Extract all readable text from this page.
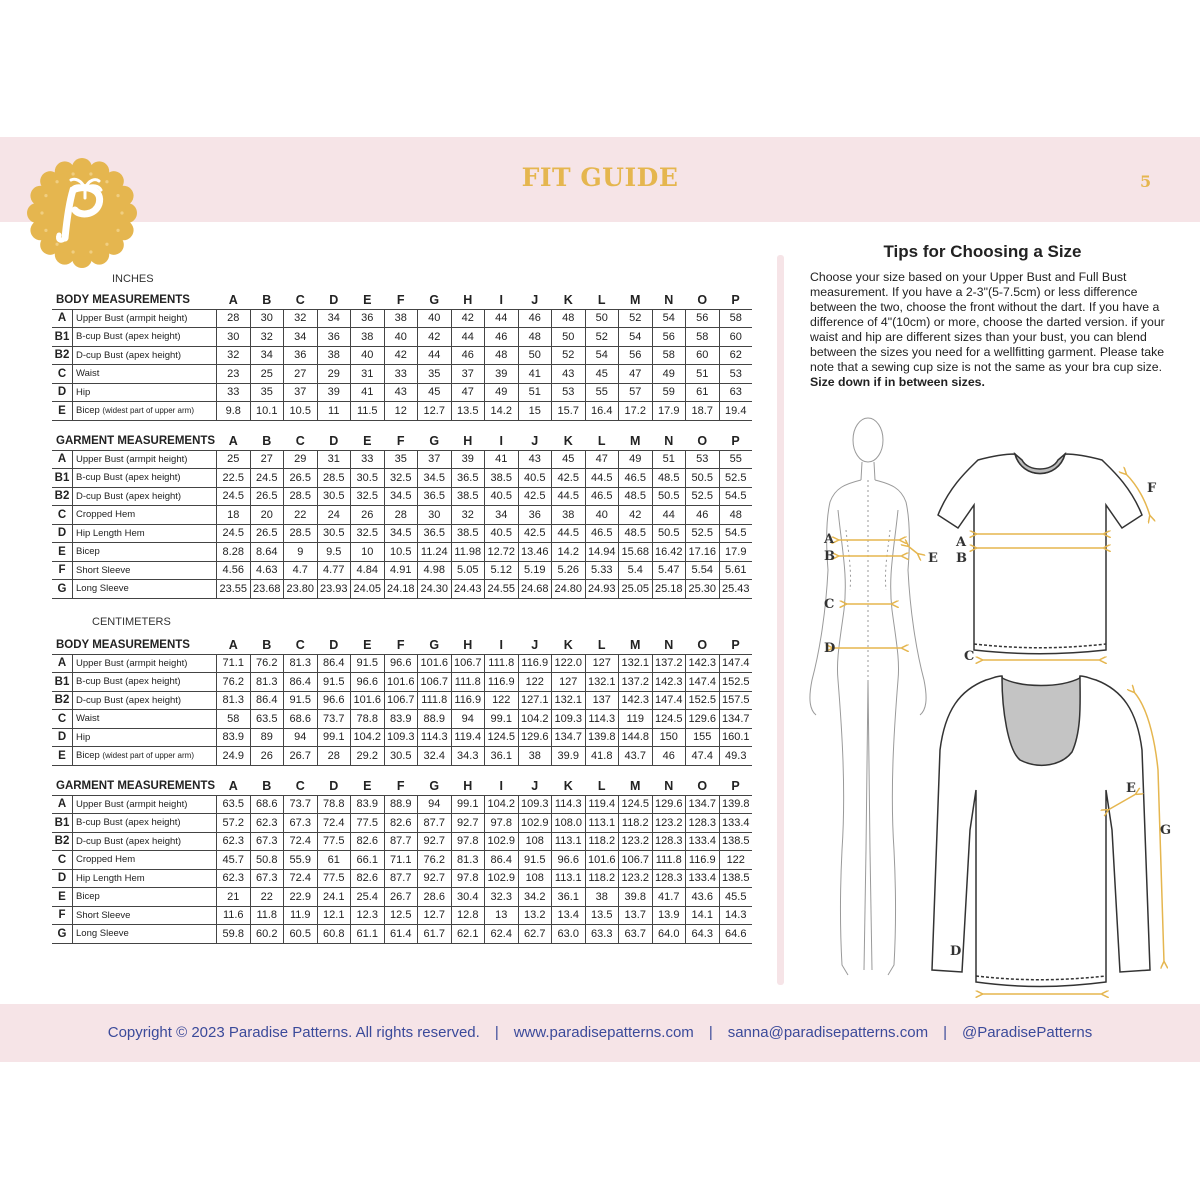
FIT GUIDE	5
INCHES
BODY MEASUREMENTS		A	B	C	D	E	F	G	H	I	J	K	L	M	N	O	P
A	Upper Bust (armpit height)	28	30	32	34	36	38	40	42	44	46	48	50	52	54	56	58
B1	B-cup Bust (apex height)	30	32	34	36	38	40	42	44	46	48	50	52	54	56	58	60
B2	D-cup Bust (apex height)	32	34	36	38	40	42	44	46	48	50	52	54	56	58	60	62
C	Waist	23	25	27	29	31	33	35	37	39	41	43	45	47	49	51	53
D	Hip	33	35	37	39	41	43	45	47	49	51	53	55	57	59	61	63
E	Bicep (widest part of upper arm)	9.8	10.1	10.5	11	11.5	12	12.7	13.5	14.2	15	15.7	16.4	17.2	17.9	18.7	19.4
GARMENT MEASUREMENTS		A	B	C	D	E	F	G	H	I	J	K	L	M	N	O	P
A	Upper Bust (armpit height)	25	27	29	31	33	35	37	39	41	43	45	47	49	51	53	55
B1	B-cup Bust (apex height)	22.5	24.5	26.5	28.5	30.5	32.5	34.5	36.5	38.5	40.5	42.5	44.5	46.5	48.5	50.5	52.5
B2	D-cup Bust (apex height)	24.5	26.5	28.5	30.5	32.5	34.5	36.5	38.5	40.5	42.5	44.5	46.5	48.5	50.5	52.5	54.5
C	Cropped Hem	18	20	22	24	26	28	30	32	34	36	38	40	42	44	46	48
D	Hip Length Hem	24.5	26.5	28.5	30.5	32.5	34.5	36.5	38.5	40.5	42.5	44.5	46.5	48.5	50.5	52.5	54.5
E	Bicep	8.28	8.64	9	9.5	10	10.5	11.24	11.98	12.72	13.46	14.2	14.94	15.68	16.42	17.16	17.9
F	Short Sleeve	4.56	4.63	4.7	4.77	4.84	4.91	4.98	5.05	5.12	5.19	5.26	5.33	5.4	5.47	5.54	5.61
G	Long Sleeve	23.55	23.68	23.80	23.93	24.05	24.18	24.30	24.43	24.55	24.68	24.80	24.93	25.05	25.18	25.30	25.43
CENTIMETERS
BODY MEASUREMENTS		A	B	C	D	E	F	G	H	I	J	K	L	M	N	O	P
A	Upper Bust (armpit height)	71.1	76.2	81.3	86.4	91.5	96.6	101.6	106.7	111.8	116.9	122.0	127	132.1	137.2	142.3	147.4
B1	B-cup Bust (apex height)	76.2	81.3	86.4	91.5	96.6	101.6	106.7	111.8	116.9	122	127	132.1	137.2	142.3	147.4	152.5
B2	D-cup Bust (apex height)	81.3	86.4	91.5	96.6	101.6	106.7	111.8	116.9	122	127.1	132.1	137	142.3	147.4	152.5	157.5
C	Waist	58	63.5	68.6	73.7	78.8	83.9	88.9	94	99.1	104.2	109.3	114.3	119	124.5	129.6	134.7
D	Hip	83.9	89	94	99.1	104.2	109.3	114.3	119.4	124.5	129.6	134.7	139.8	144.8	150	155	160.1
E	Bicep (widest part of upper arm)	24.9	26	26.7	28	29.2	30.5	32.4	34.3	36.1	38	39.9	41.8	43.7	46	47.4	49.3
GARMENT MEASUREMENTS		A	B	C	D	E	F	G	H	I	J	K	L	M	N	O	P
A	Upper Bust (armpit height)	63.5	68.6	73.7	78.8	83.9	88.9	94	99.1	104.2	109.3	114.3	119.4	124.5	129.6	134.7	139.8
B1	B-cup Bust (apex height)	57.2	62.3	67.3	72.4	77.5	82.6	87.7	92.7	97.8	102.9	108.0	113.1	118.2	123.2	128.3	133.4
B2	D-cup Bust (apex height)	62.3	67.3	72.4	77.5	82.6	87.7	92.7	97.8	102.9	108	113.1	118.2	123.2	128.3	133.4	138.5
C	Cropped Hem	45.7	50.8	55.9	61	66.1	71.1	76.2	81.3	86.4	91.5	96.6	101.6	106.7	111.8	116.9	122
D	Hip Length Hem	62.3	67.3	72.4	77.5	82.6	87.7	92.7	97.8	102.9	108	113.1	118.2	123.2	128.3	133.4	138.5
E	Bicep	21	22	22.9	24.1	25.4	26.7	28.6	30.4	32.3	34.2	36.1	38	39.8	41.7	43.6	45.5
F	Short Sleeve	11.6	11.8	11.9	12.1	12.3	12.5	12.7	12.8	13	13.2	13.4	13.5	13.7	13.9	14.1	14.3
G	Long Sleeve	59.8	60.2	60.5	60.8	61.1	61.4	61.7	62.1	62.4	62.7	63.0	63.3	63.7	64.0	64.3	64.6
Tips for Choosing a Size
Choose your size based on your Upper Bust and Full Bust measurement. If you have a 2-3"(5-7.5cm) or less difference between the two, choose the front without the dart. If you have a difference of 4"(10cm) or more, choose the darted version. if your waist and hip are different sizes than your bust, you can blend between the sizes you need for a wellfitting garment. Please take note that a sewing cup size is not the same as your bra cup size.
Size down if in between sizes.
A
B
C
D
E
A
B
C
F
D
E
G
Copyright © 2023 Paradise Patterns. All rights reserved. | www.paradisepatterns.com | sanna@paradisepatterns.com | @ParadisePatterns
